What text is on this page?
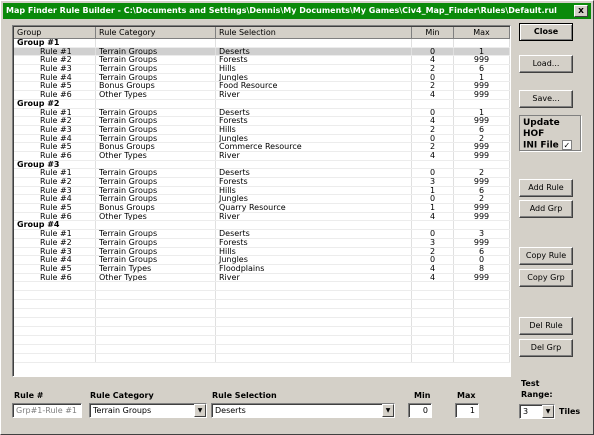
Map Finder Rule Builder - C:\Documents and Settings\Dennis\My Documents\My Games\Civ4_Map_Finder\Rules\Default.rul	x
Group	Rule Category	Rule Selection	Min	Max
Group #1
Rule #1	Terrain Groups	Deserts	0	1
Rule #2	Terrain Groups	Forests	4	999
Rule #3	Terrain Groups	Hills	2	6
Rule #4	Terrain Groups	Jungles	0	1
Rule #5	Bonus Groups	Food Resource	2	999
Rule #6	Other Types	River	4	999
Group #2
Rule #1	Terrain Groups	Deserts	0	1
Rule #2	Terrain Groups	Forests	4	999
Rule #3	Terrain Groups	Hills	2	6
Rule #4	Terrain Groups	Jungles	0	2
Rule #5	Bonus Groups	Commerce Resource	2	999
Rule #6	Other Types	River	4	999
Group #3
Rule #1	Terrain Groups	Deserts	0	2
Rule #2	Terrain Groups	Forests	3	999
Rule #3	Terrain Groups	Hills	1	6
Rule #4	Terrain Groups	Jungles	0	2
Rule #5	Bonus Groups	Quarry Resource	1	999
Rule #6	Other Types	River	4	999
Group #4
Rule #1	Terrain Groups	Deserts	0	3
Rule #2	Terrain Groups	Forests	3	999
Rule #3	Terrain Groups	Hills	2	6
Rule #4	Terrain Groups	Jungles	0	0
Rule #5	Terrain Types	Floodplains	4	8
Rule #6	Other Types	River	4	999
Close
Load...
Save...
Update HOF
INI File ✓
Add Rule
Add Grp
Copy Rule
Copy Grp
Del Rule
Del Grp
Rule #
Grp#1-Rule #1
Rule Category
Terrain Groups	▼
Rule Selection
Deserts	▼
Min
0
Max
1
Test
Range:
3	▼	Tiles
